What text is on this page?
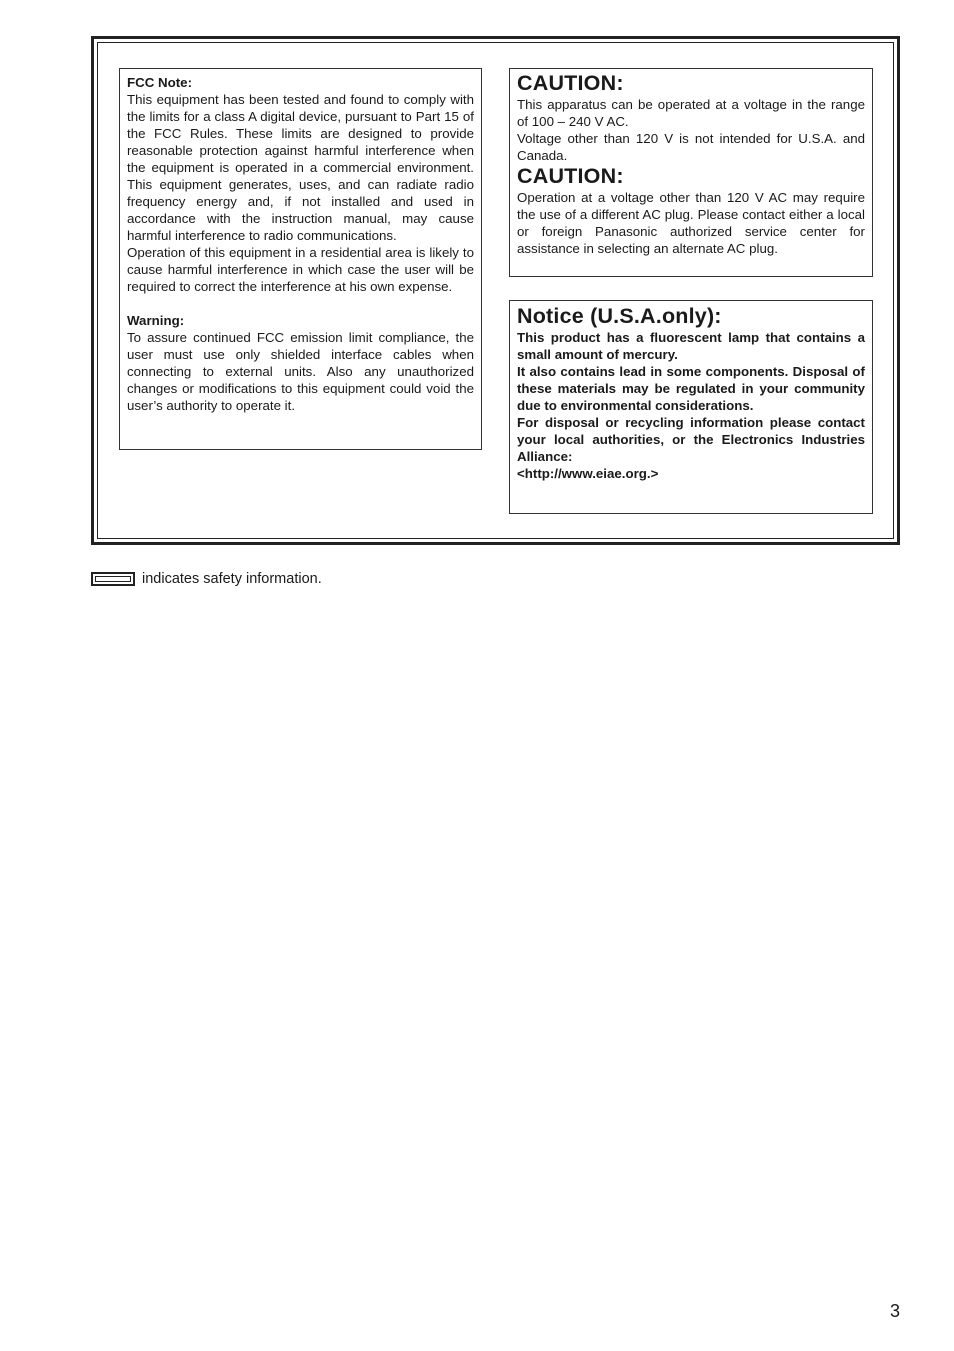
FCC Note:
This equipment has been tested and found to comply with the limits for a class A digital device, pursuant to Part 15 of the FCC Rules. These limits are designed to provide reasonable protection against harmful interference when the equipment is operated in a commercial environment. This equipment generates, uses, and can radiate radio frequency energy and, if not installed and used in accordance with the instruction manual, may cause harmful interference to radio communications.
Operation of this equipment in a residential area is likely to cause harmful interference in which case the user will be required to correct the interference at his own expense.
Warning:
To assure continued FCC emission limit compliance, the user must use only shielded interface cables when connecting to external units. Also any unauthorized changes or modifications to this equipment could void the user’s authority to operate it.
CAUTION:
This apparatus can be operated at a voltage in the range of 100 – 240 V AC.
Voltage other than 120 V is not intended for U.S.A. and Canada.
CAUTION:
Operation at a voltage other than 120 V AC may require the use of a different AC plug. Please contact either a local or foreign Panasonic authorized service center for assistance in selecting an alternate AC plug.
Notice (U.S.A.only):
This product has a fluorescent lamp that contains a small amount of mercury.
It also contains lead in some components. Disposal of these materials may be regulated in your community due to environmental considerations.
For disposal or recycling information please contact your local authorities, or the Electronics Industries Alliance:
<http://www.eiae.org.>
indicates safety information.
3
